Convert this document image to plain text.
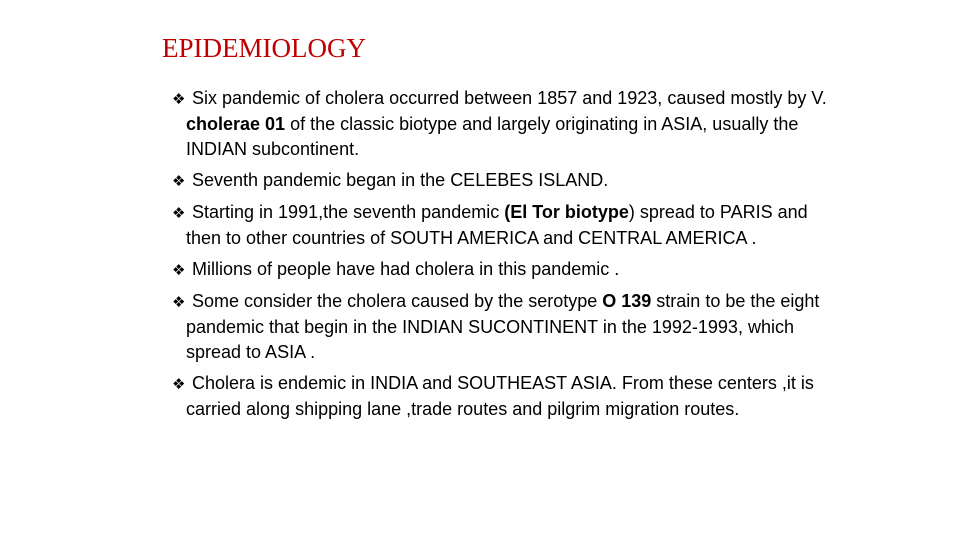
EPIDEMIOLOGY
❖ Six pandemic of cholera occurred between 1857 and 1923, caused mostly by V. cholerae 01 of the classic biotype and largely originating in ASIA, usually the INDIAN subcontinent.
❖ Seventh pandemic began in the CELEBES ISLAND.
❖ Starting in 1991,the seventh pandemic (El Tor biotype) spread to PARIS and then to other countries of SOUTH AMERICA and CENTRAL AMERICA .
❖ Millions of people have had cholera in this pandemic .
❖ Some consider the cholera caused by the serotype O 139 strain to be the eight pandemic that begin in the INDIAN SUCONTINENT in the 1992-1993, which spread to ASIA .
❖ Cholera is endemic in INDIA and SOUTHEAST ASIA. From these centers ,it is carried along shipping lane ,trade routes and pilgrim migration routes.
